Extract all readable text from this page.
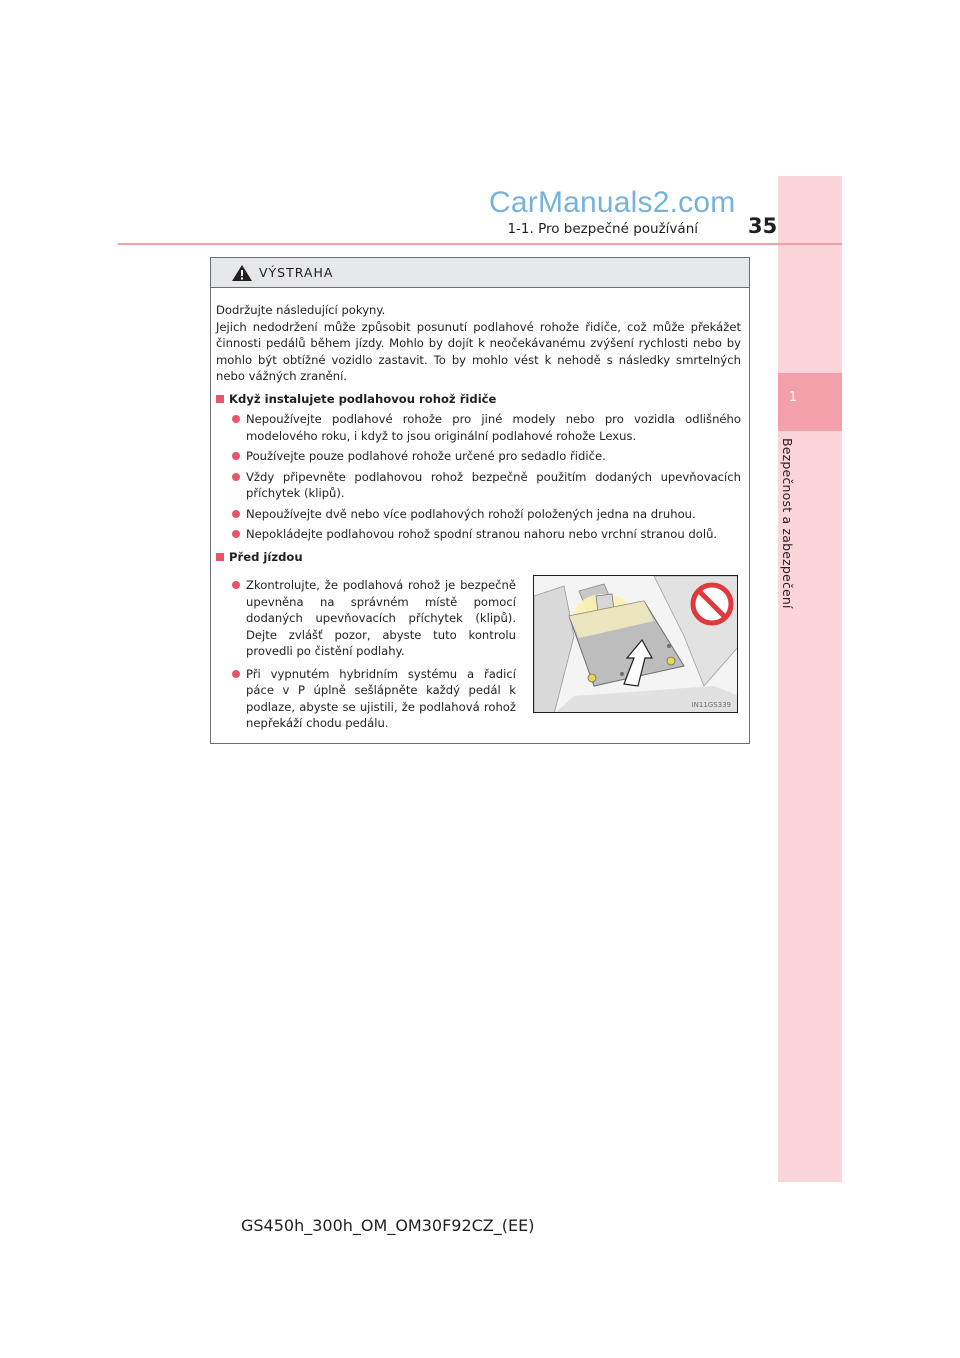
1
Bezpečnost a zabezpečení
CarManuals2.com
1-1. Pro bezpečné používání 35
VÝSTRAHA

Dodržujte následující pokyny.
Jejich nedodržení může způsobit posunutí podlahové rohože řidiče, což může překážet činnosti pedálů během jízdy. Mohlo by dojít k neočekávanému zvýšení rychlosti nebo by mohlo být obtížné vozidlo zastavit. To by mohlo vést k nehodě s následky smrtelných nebo vážných zranění.

Když instalujete podlahovou rohož řidiče
Nepoužívejte podlahové rohože pro jiné modely nebo pro vozidla odlišného modelového roku, i když to jsou originální podlahové rohože Lexus.
Používejte pouze podlahové rohože určené pro sedadlo řidiče.
Vždy připevněte podlahovou rohož bezpečně použitím dodaných upevňovacích příchytek (klipů).
Nepoužívejte dvě nebo více podlahových rohoží položených jedna na druhou.
Nepokládejte podlahovou rohož spodní stranou nahoru nebo vrchní stranou dolů.
Před jízdou
Zkontrolujte, že podlahová rohož je bezpečně upevněna na správném místě pomocí dodaných upevňovacích příchytek (klipů). Dejte zvlášť pozor, abyste tuto kontrolu provedli po čistění podlahy.
Při vypnutém hybridním systému a řadicí páce v P úplně sešlápněte každý pedál k podlaze, abyste se ujistili, že podlahová rohož nepřekáží chodu pedálu.
IN11GS339
GS450h_300h_OM_OM30F92CZ_(EE)
